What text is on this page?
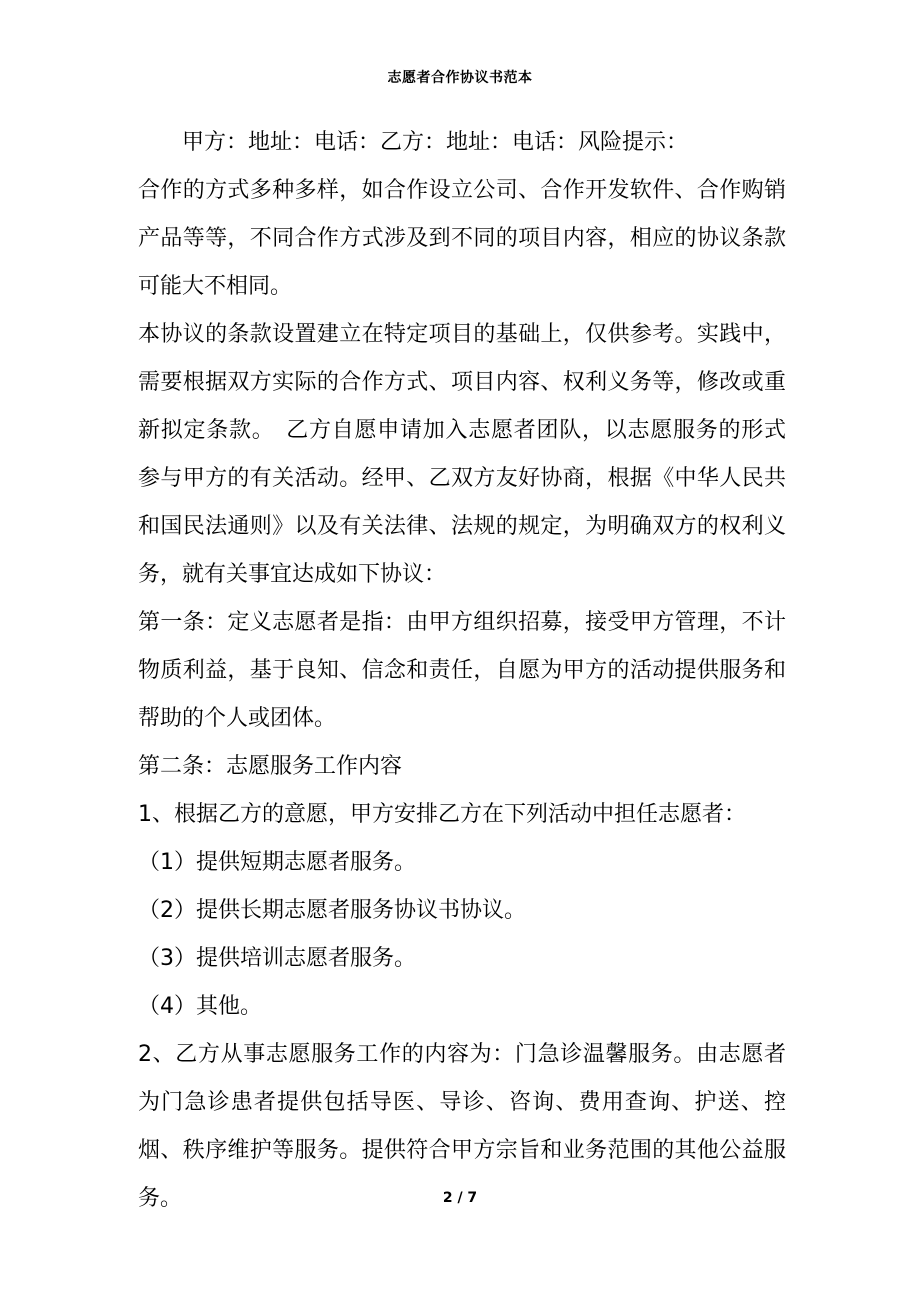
志愿者合作协议书范本

甲方：地址：电话：乙方：地址：电话：风险提示：

合作的方式多种多样，如合作设立公司、合作开发软件、合作购销产品等等，不同合作方式涉及到不同的项目内容，相应的协议条款可能大不相同。

本协议的条款设置建立在特定项目的基础上，仅供参考。实践中，需要根据双方实际的合作方式、项目内容、权利义务等，修改或重新拟定条款。　乙方自愿申请加入志愿者团队，以志愿服务的形式参与甲方的有关活动。经甲、乙双方友好协商，根据《中华人民共和国民法通则》以及有关法律、法规的规定，为明确双方的权利义务，就有关事宜达成如下协议：

第一条：定义志愿者是指：由甲方组织招募，接受甲方管理，不计物质利益，基于良知、信念和责任，自愿为甲方的活动提供服务和帮助的个人或团体。

第二条：志愿服务工作内容

1、根据乙方的意愿，甲方安排乙方在下列活动中担任志愿者：

（1）提供短期志愿者服务。

（2）提供长期志愿者服务协议书协议。

（3）提供培训志愿者服务。

（4）其他。

2、乙方从事志愿服务工作的内容为：门急诊温馨服务。由志愿者为门急诊患者提供包括导医、导诊、咨询、费用查询、护送、控烟、秩序维护等服务。提供符合甲方宗旨和业务范围的其他公益服务。	2 / 7
